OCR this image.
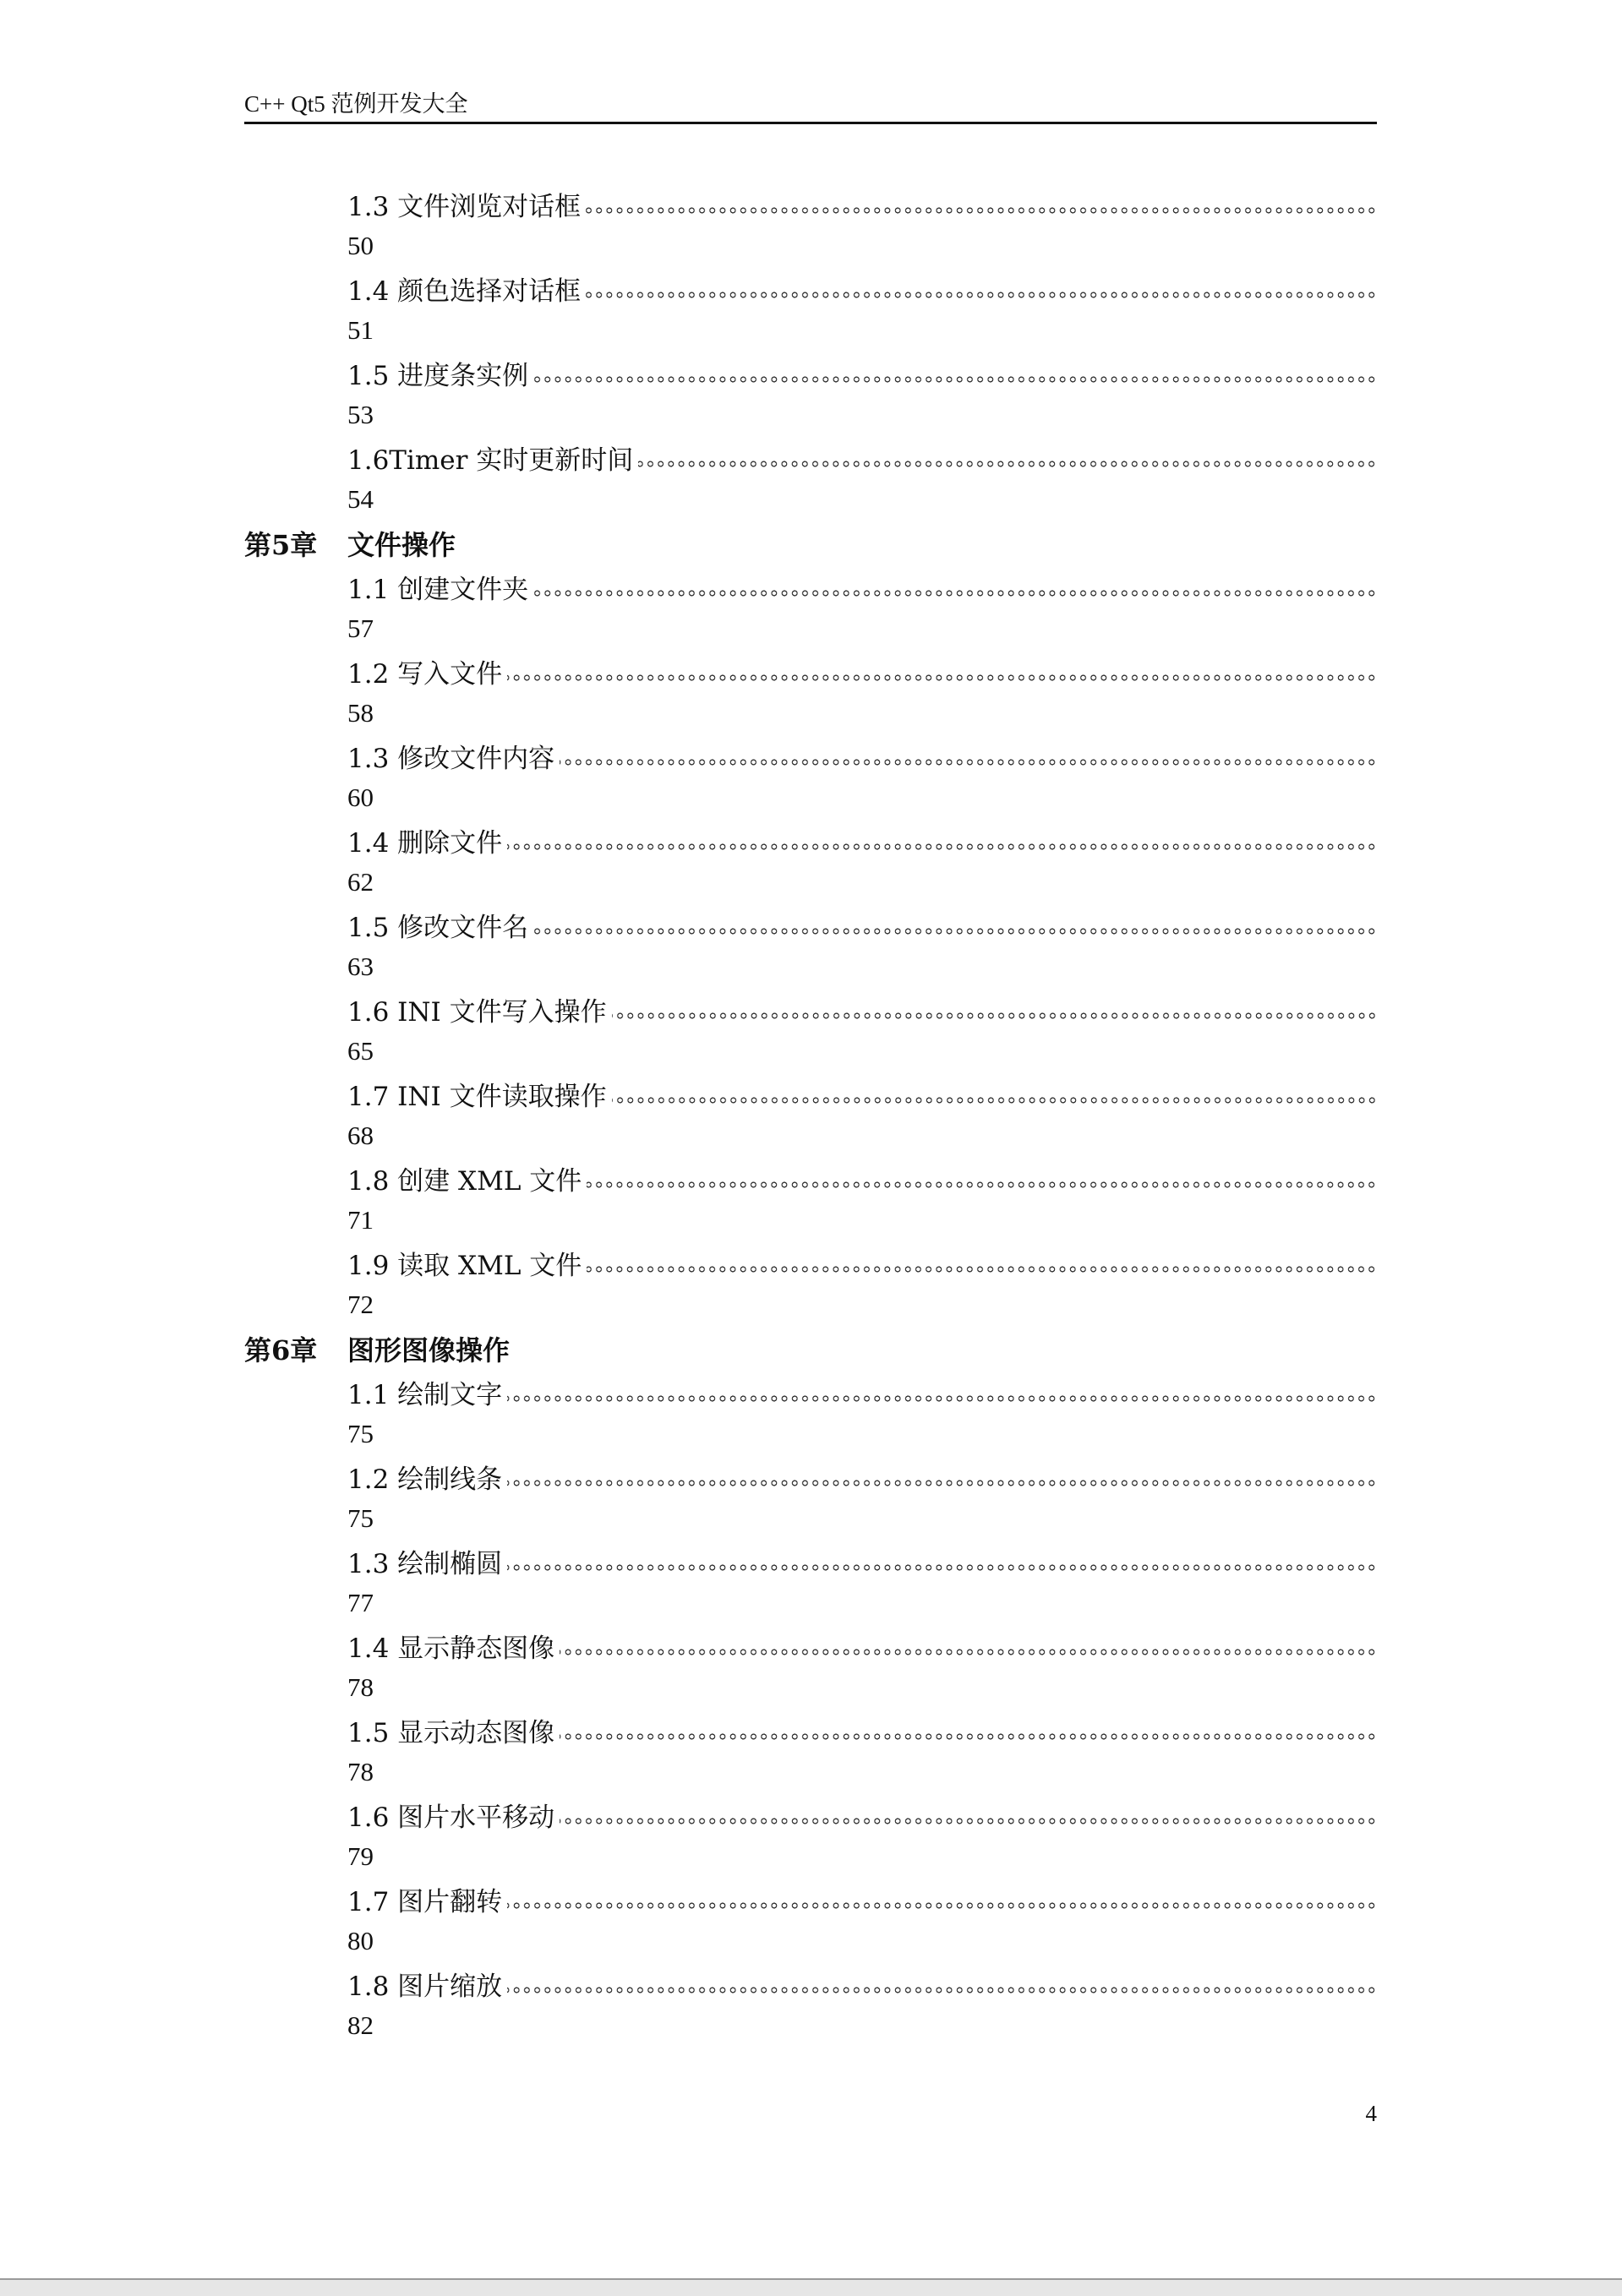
C++ Qt5 范例开发大全
1.3 文件浏览对话框
50
1.4 颜色选择对话框
51
1.5 进度条实例
53
1.6Timer 实时更新时间
54
第5章	文件操作
1.1 创建文件夹
57
1.2 写入文件
58
1.3 修改文件内容
60
1.4 删除文件
62
1.5 修改文件名
63
1.6 INI 文件写入操作
65
1.7 INI 文件读取操作
68
1.8 创建 XML 文件
71
1.9 读取 XML 文件
72
第6章	图形图像操作
1.1 绘制文字
75
1.2 绘制线条
75
1.3 绘制椭圆
77
1.4 显示静态图像
78
1.5 显示动态图像
78
1.6 图片水平移动
79
1.7 图片翻转
80
1.8 图片缩放
82
4
